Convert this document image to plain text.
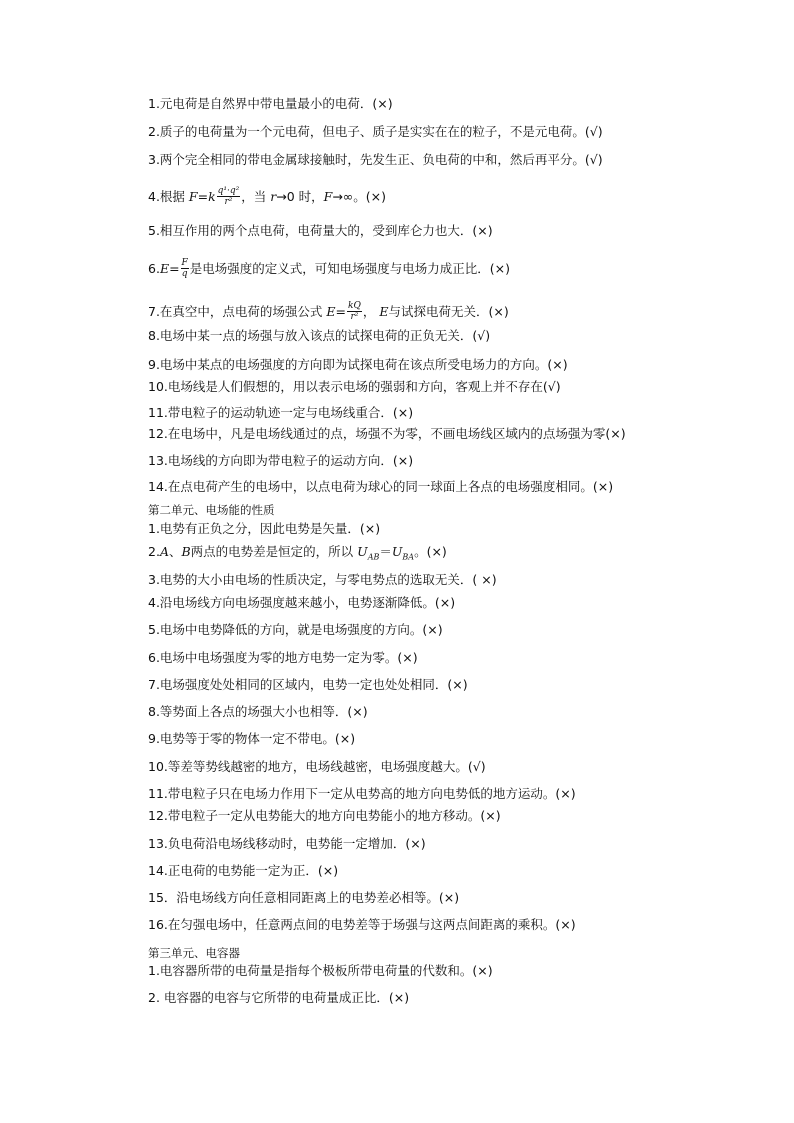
1.元电荷是自然界中带电量最小的电荷．(×)
2.质子的电荷量为一个元电荷，但电子、质子是实实在在的粒子，不是元电荷。(√)
3.两个完全相同的带电金属球接触时，先发生正、负电荷的中和，然后再平分。(√)
4.根据 $F=k \frac{\text{q¹·q²}}{\text{r²}}$ ，当 r→0 时，F→∞。(×)
5.相互作用的两个点电荷，电荷量大的，受到库仑力也大．(×)
$6.E= \frac{F}{q}$ 是电场强度的定义式，可知电场强度与电场力成正比．(×)
7.在真空中，点电荷的场强公式 $E= \frac{kQ}{\text{r²}}$ ， E与试探电荷无关．(×)
8.电场中某一点的场强与放入该点的试探电荷的正负无关．(√)
9.电场中某点的电场强度的方向即为试探电荷在该点所受电场力的方向。(×)
10.电场线是人们假想的，用以表示电场的强弱和方向，客观上并不存在(√)
11.带电粒子的运动轨迹一定与电场线重合．(×)
12.在电场中，凡是电场线通过的点，场强不为零，不画电场线区域内的点场强为零(×)
13.电场线的方向即为带电粒子的运动方向．(×)
14.在点电荷产生的电场中，以点电荷为球心的同一球面上各点的电场强度相同。(×)
第二单元、电场能的性质
1.电势有正负之分，因此电势是矢量．(×)
2.A、B两点的电势差是恒定的，所以 $U_{AB}=U_{BA}$。(×)
3.电势的大小由电场的性质决定，与零电势点的选取无关．( ×)
4.沿电场线方向电场强度越来越小，电势逐渐降低。(×)
5.电场中电势降低的方向，就是电场强度的方向。(×)
6.电场中电场强度为零的地方电势一定为零。(×)
7.电场强度处处相同的区域内，电势一定也处处相同．(×)
8.等势面上各点的场强大小也相等．(×)
9.电势等于零的物体一定不带电。(×)
10.等差等势线越密的地方，电场线越密，电场强度越大。(√)
11.带电粒子只在电场力作用下一定从电势高的地方向电势低的地方运动。(×)
12.带电粒子一定从电势能大的地方向电势能小的地方移动。(×)
13.负电荷沿电场线移动时，电势能一定增加．(×)
14.正电荷的电势能一定为正．(×)
15．沿电场线方向任意相同距离上的电势差必相等。(×)
16.在匀强电场中，任意两点间的电势差等于场强与这两点间距离的乘积。(×)
第三单元、电容器
1.电容器所带的电荷量是指每个极板所带电荷量的代数和。(×)
2. 电容器的电容与它所带的电荷量成正比．(×)
